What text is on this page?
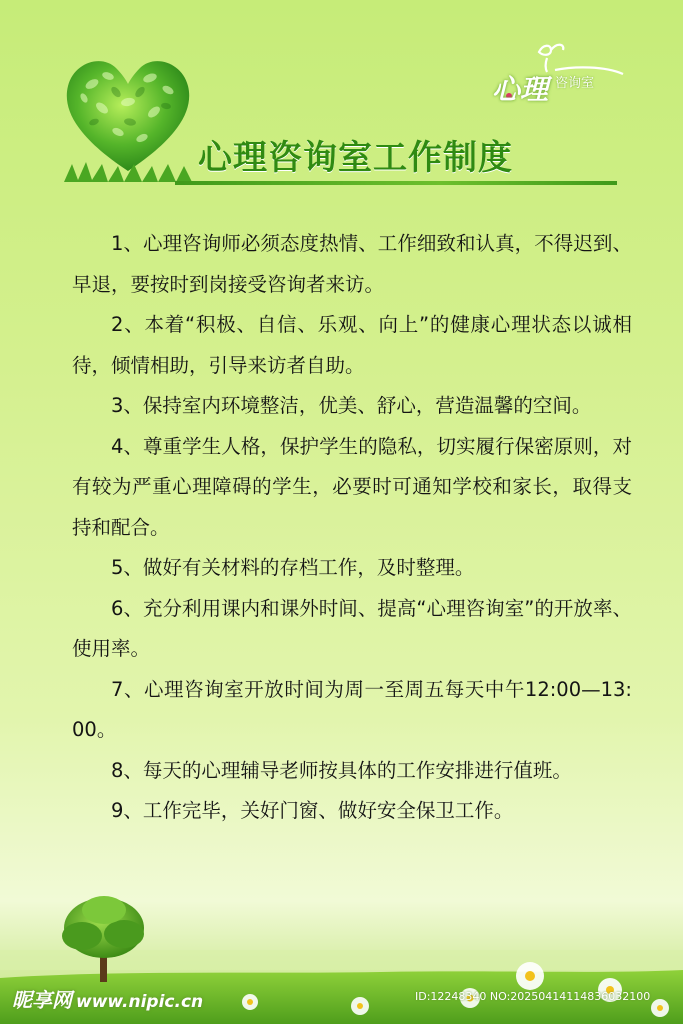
心理 咨询室
心理咨询室工作制度

1、心理咨询师必须态度热情、工作细致和认真，不得迟到、早退，要按时到岗接受咨询者来访。

2、本着“积极、自信、乐观、向上”的健康心理状态以诚相待，倾情相助，引导来访者自助。

3、保持室内环境整洁，优美、舒心，营造温馨的空间。

4、尊重学生人格，保护学生的隐私，切实履行保密原则，对有较为严重心理障碍的学生，必要时可通知学校和家长，取得支持和配合。

5、做好有关材料的存档工作，及时整理。

6、充分利用课内和课外时间、提高“心理咨询室”的开放率、使用率。

7、心理咨询室开放时间为周一至周五每天中午12:00—13: 00。

8、每天的心理辅导老师按具体的工作安排进行值班。

9、工作完毕，关好门窗、做好安全保卫工作。

昵享网 www.nipic.cn	ID:12248340 NO:20250414114836032100
